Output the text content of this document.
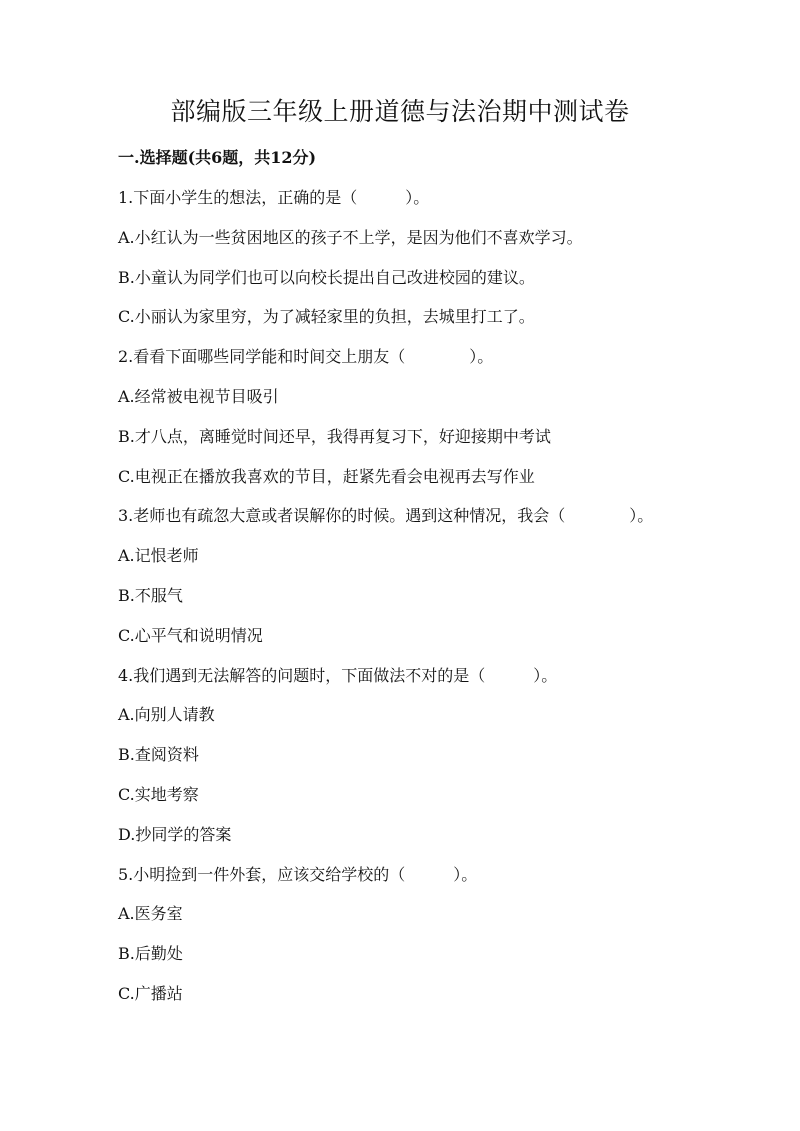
部编版三年级上册道德与法治期中测试卷
一.选择题(共6题，共12分)
1.下面小学生的想法，正确的是（　　　）。
A.小红认为一些贫困地区的孩子不上学，是因为他们不喜欢学习。
B.小童认为同学们也可以向校长提出自己改进校园的建议。
C.小丽认为家里穷，为了减轻家里的负担，去城里打工了。
2.看看下面哪些同学能和时间交上朋友（　　　　）。
A.经常被电视节目吸引
B.才八点，离睡觉时间还早，我得再复习下，好迎接期中考试
C.电视正在播放我喜欢的节目，赶紧先看会电视再去写作业
3.老师也有疏忽大意或者误解你的时候。遇到这种情况，我会（　　　　）。
A.记恨老师
B.不服气
C.心平气和说明情况
4.我们遇到无法解答的问题时，下面做法不对的是（　　　）。
A.向别人请教
B.查阅资料
C.实地考察
D.抄同学的答案
5.小明捡到一件外套，应该交给学校的（　　　）。
A.医务室
B.后勤处
C.广播站
